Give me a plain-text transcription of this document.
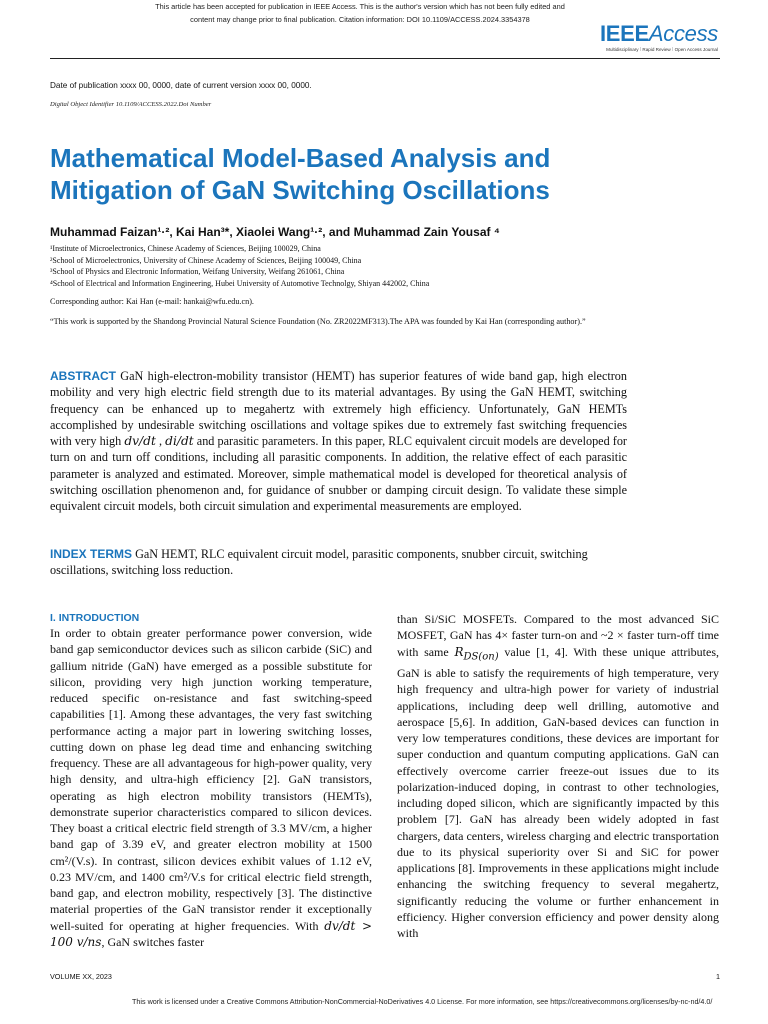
This article has been accepted for publication in IEEE Access. This is the author's version which has not been fully edited and
content may change prior to final publication. Citation information: DOI 10.1109/ACCESS.2024.3354378
IEEEAccess
Multidisciplinary ⁞ Rapid Review ⁞ Open Access Journal
Date of publication xxxx 00, 0000, date of current version xxxx 00, 0000.
Digital Object Identifier 10.1109/ACCESS.2022.Doi Number
Mathematical Model-Based Analysis and
Mitigation of GaN Switching Oscillations
Muhammad Faizan¹·², Kai Han³*, Xiaolei Wang¹·², and Muhammad Zain Yousaf ⁴
¹Institute of Microelectronics, Chinese Academy of Sciences, Beijing 100029, China
²School of Microelectronics, University of Chinese Academy of Sciences, Beijing 100049, China
³School of Physics and Electronic Information, Weifang University, Weifang 261061, China
⁴School of Electrical and Information Engineering, Hubei University of Automotive Technolgy, Shiyan 442002, China
Corresponding author: Kai Han (e-mail: hankai@wfu.edu.cn).
“This work is supported by the Shandong Provincial Natural Science Foundation (No. ZR2022MF313).The APA was founded by Kai Han (corresponding author).”
ABSTRACT GaN high-electron-mobility transistor (HEMT) has superior features of wide band gap, high electron mobility and very high electric field strength due to its material advantages. By using the GaN HEMT, switching frequency can be enhanced up to megahertz with extremely high efficiency. Unfortunately, GaN HEMTs accomplished by undesirable switching oscillations and voltage spikes due to extremely fast switching frequencies with very high dv/dt , di/dt and parasitic parameters. In this paper, RLC equivalent circuit models are developed for turn on and turn off conditions, including all parasitic components. In addition, the relative effect of each parasitic parameter is analyzed and estimated. Moreover, simple mathematical model is developed for theoretical analysis of switching oscillation phenomenon and, for guidance of snubber or damping circuit design. To validate these simple equivalent circuit models, both circuit simulation and experimental measurements are employed.
INDEX TERMS GaN HEMT, RLC equivalent circuit model, parasitic components, snubber circuit, switching oscillations, switching loss reduction.
I. INTRODUCTION
In order to obtain greater performance power conversion, wide band gap semiconductor devices such as silicon carbide (SiC) and gallium nitride (GaN) have emerged as a possible substitute for silicon, providing very high junction working temperature, reduced specific on-resistance and fast switching-speed capabilities [1]. Among these advantages, the very fast switching performance acting a major part in lowering switching losses, cutting down on phase leg dead time and enhancing switching frequency. These are all advantageous for high-power quality, very high density, and ultra-high efficiency [2]. GaN transistors, operating as high electron mobility transistors (HEMTs), demonstrate superior characteristics compared to silicon devices. They boast a critical electric field strength of 3.3 MV/cm, a higher band gap of 3.39 eV, and greater electron mobility at 1500 cm²/(V.s). In contrast, silicon devices exhibit values of 1.12 eV, 0.23 MV/cm, and 1400 cm²/V.s for critical electric field strength, band gap, and electron mobility, respectively [3]. The distinctive material properties of the GaN transistor render it exceptionally well-suited for operating at higher frequencies. With dv/dt > 100 v/ns, GaN switches faster
than Si/SiC MOSFETs. Compared to the most advanced SiC MOSFET, GaN has 4× faster turn-on and ~2 × faster turn-off time with same $R_{DS(on)}$ value [1, 4]. With these unique attributes, GaN is able to satisfy the requirements of high temperature, very high frequency and ultra-high power for variety of industrial applications, including deep well drilling, automotive and aerospace [5,6]. In addition, GaN-based devices can function in very low temperatures conditions, these devices are important for super conduction and quantum computing applications. GaN can effectively overcome carrier freeze-out issues due to its polarization-induced doping, in contrast to other technologies, including doped silicon, which are significantly impacted by this problem [7]. GaN has already been widely adopted in fast chargers, data centers, wireless charging and electric transportation due to its physical superiority over Si and SiC for power applications [8]. Improvements in these applications might include enhancing the switching frequency to several megahertz, significantly reducing the volume or further enhancement in efficiency. Higher conversion efficiency and power density along with
VOLUME XX, 2023	1
This work is licensed under a Creative Commons Attribution-NonCommercial-NoDerivatives 4.0 License. For more information, see https://creativecommons.org/licenses/by-nc-nd/4.0/
